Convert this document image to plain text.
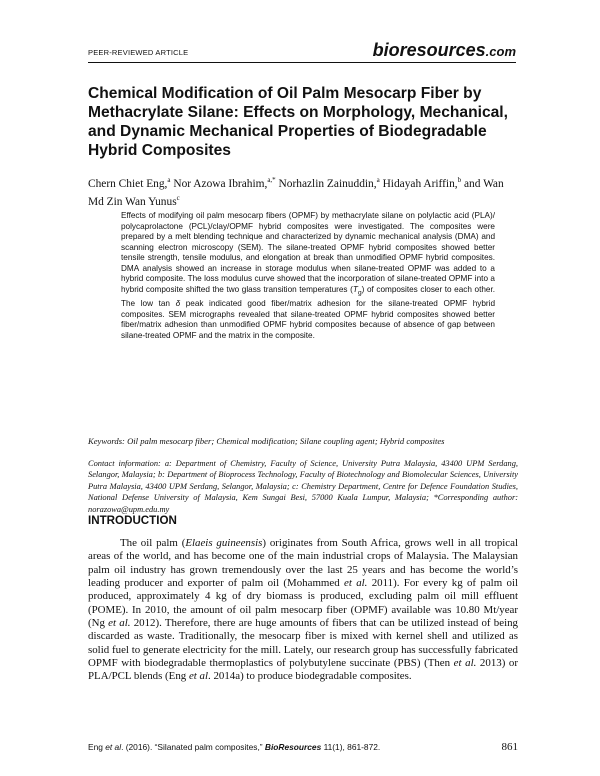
PEER-REVIEWED ARTICLE	bioresources.com
Chemical Modification of Oil Palm Mesocarp Fiber by Methacrylate Silane: Effects on Morphology, Mechanical, and Dynamic Mechanical Properties of Biodegradable Hybrid Composites
Chern Chiet Eng,$^a$ Nor Azowa Ibrahim,$^{a,*}$ Norhazlin Zainuddin,$^a$ Hidayah Ariffin,$^b$ and Wan Md Zin Wan Yunus$^c$

Effects of modifying oil palm mesocarp fibers (OPMF) by methacrylate silane on polylactic acid (PLA)/ polycaprolactone (PCL)/clay/OPMF hybrid composites were investigated. The composites were prepared by a melt blending technique and characterized by dynamic mechanical analysis (DMA) and scanning electron microscopy (SEM). The silane-treated OPMF hybrid composites showed better tensile strength, tensile modulus, and elongation at break than unmodified OPMF hybrid composites. DMA analysis showed an increase in storage modulus when silane-treated OPMF was added to a hybrid composite. The loss modulus curve showed that the incorporation of silane-treated OPMF into a hybrid composite shifted the two glass transition temperatures $(T_g)$ of composites closer to each other. The low tan δ peak indicated good fiber/matrix adhesion for the silane-treated OPMF hybrid composites. SEM micrographs revealed that silane-treated OPMF hybrid composites showed better fiber/matrix adhesion than unmodified OPMF hybrid composites because of absence of gap between silane-treated OPMF and the matrix in the composite.

Keywords: Oil palm mesocarp fiber; Chemical modification; Silane coupling agent; Hybrid composites

Contact information: a: Department of Chemistry, Faculty of Science, University Putra Malaysia, 43400 UPM Serdang, Selangor, Malaysia; b: Department of Bioprocess Technology, Faculty of Biotechnology and Biomolecular Sciences, University Putra Malaysia, 43400 UPM Serdang, Selangor, Malaysia; c: Chemistry Department, Centre for Defence Foundation Studies, National Defense University of Malaysia, Kem Sungai Besi, 57000 Kuala Lumpur, Malaysia; *Corresponding author: norazowa@upm.edu.my

INTRODUCTION

The oil palm (Elaeis guineensis) originates from South Africa, grows well in all tropical areas of the world, and has become one of the main industrial crops of Malaysia. The Malaysian palm oil industry has grown tremendously over the last 25 years and has become the world’s leading producer and exporter of palm oil (Mohammed et al. 2011). For every kg of palm oil produced, approximately 4 kg of dry biomass is produced, excluding palm oil mill effluent (POME). In 2010, the amount of oil palm mesocarp fiber (OPMF) available was 10.80 Mt/year (Ng et al. 2012). Therefore, there are huge amounts of fibers that can be utilized instead of being discarded as waste. Traditionally, the mesocarp fiber is mixed with kernel shell and utilized as solid fuel to generate electricity for the mill. Lately, our research group has successfully fabricated OPMF with biodegradable thermoplastics of polybutylene succinate (PBS) (Then et al. 2013) or PLA/PCL blends (Eng et al. 2014a) to produce biodegradable composites.

Eng et al. (2016). “Silanated palm composites,” BioResources 11(1), 861-872.	861
